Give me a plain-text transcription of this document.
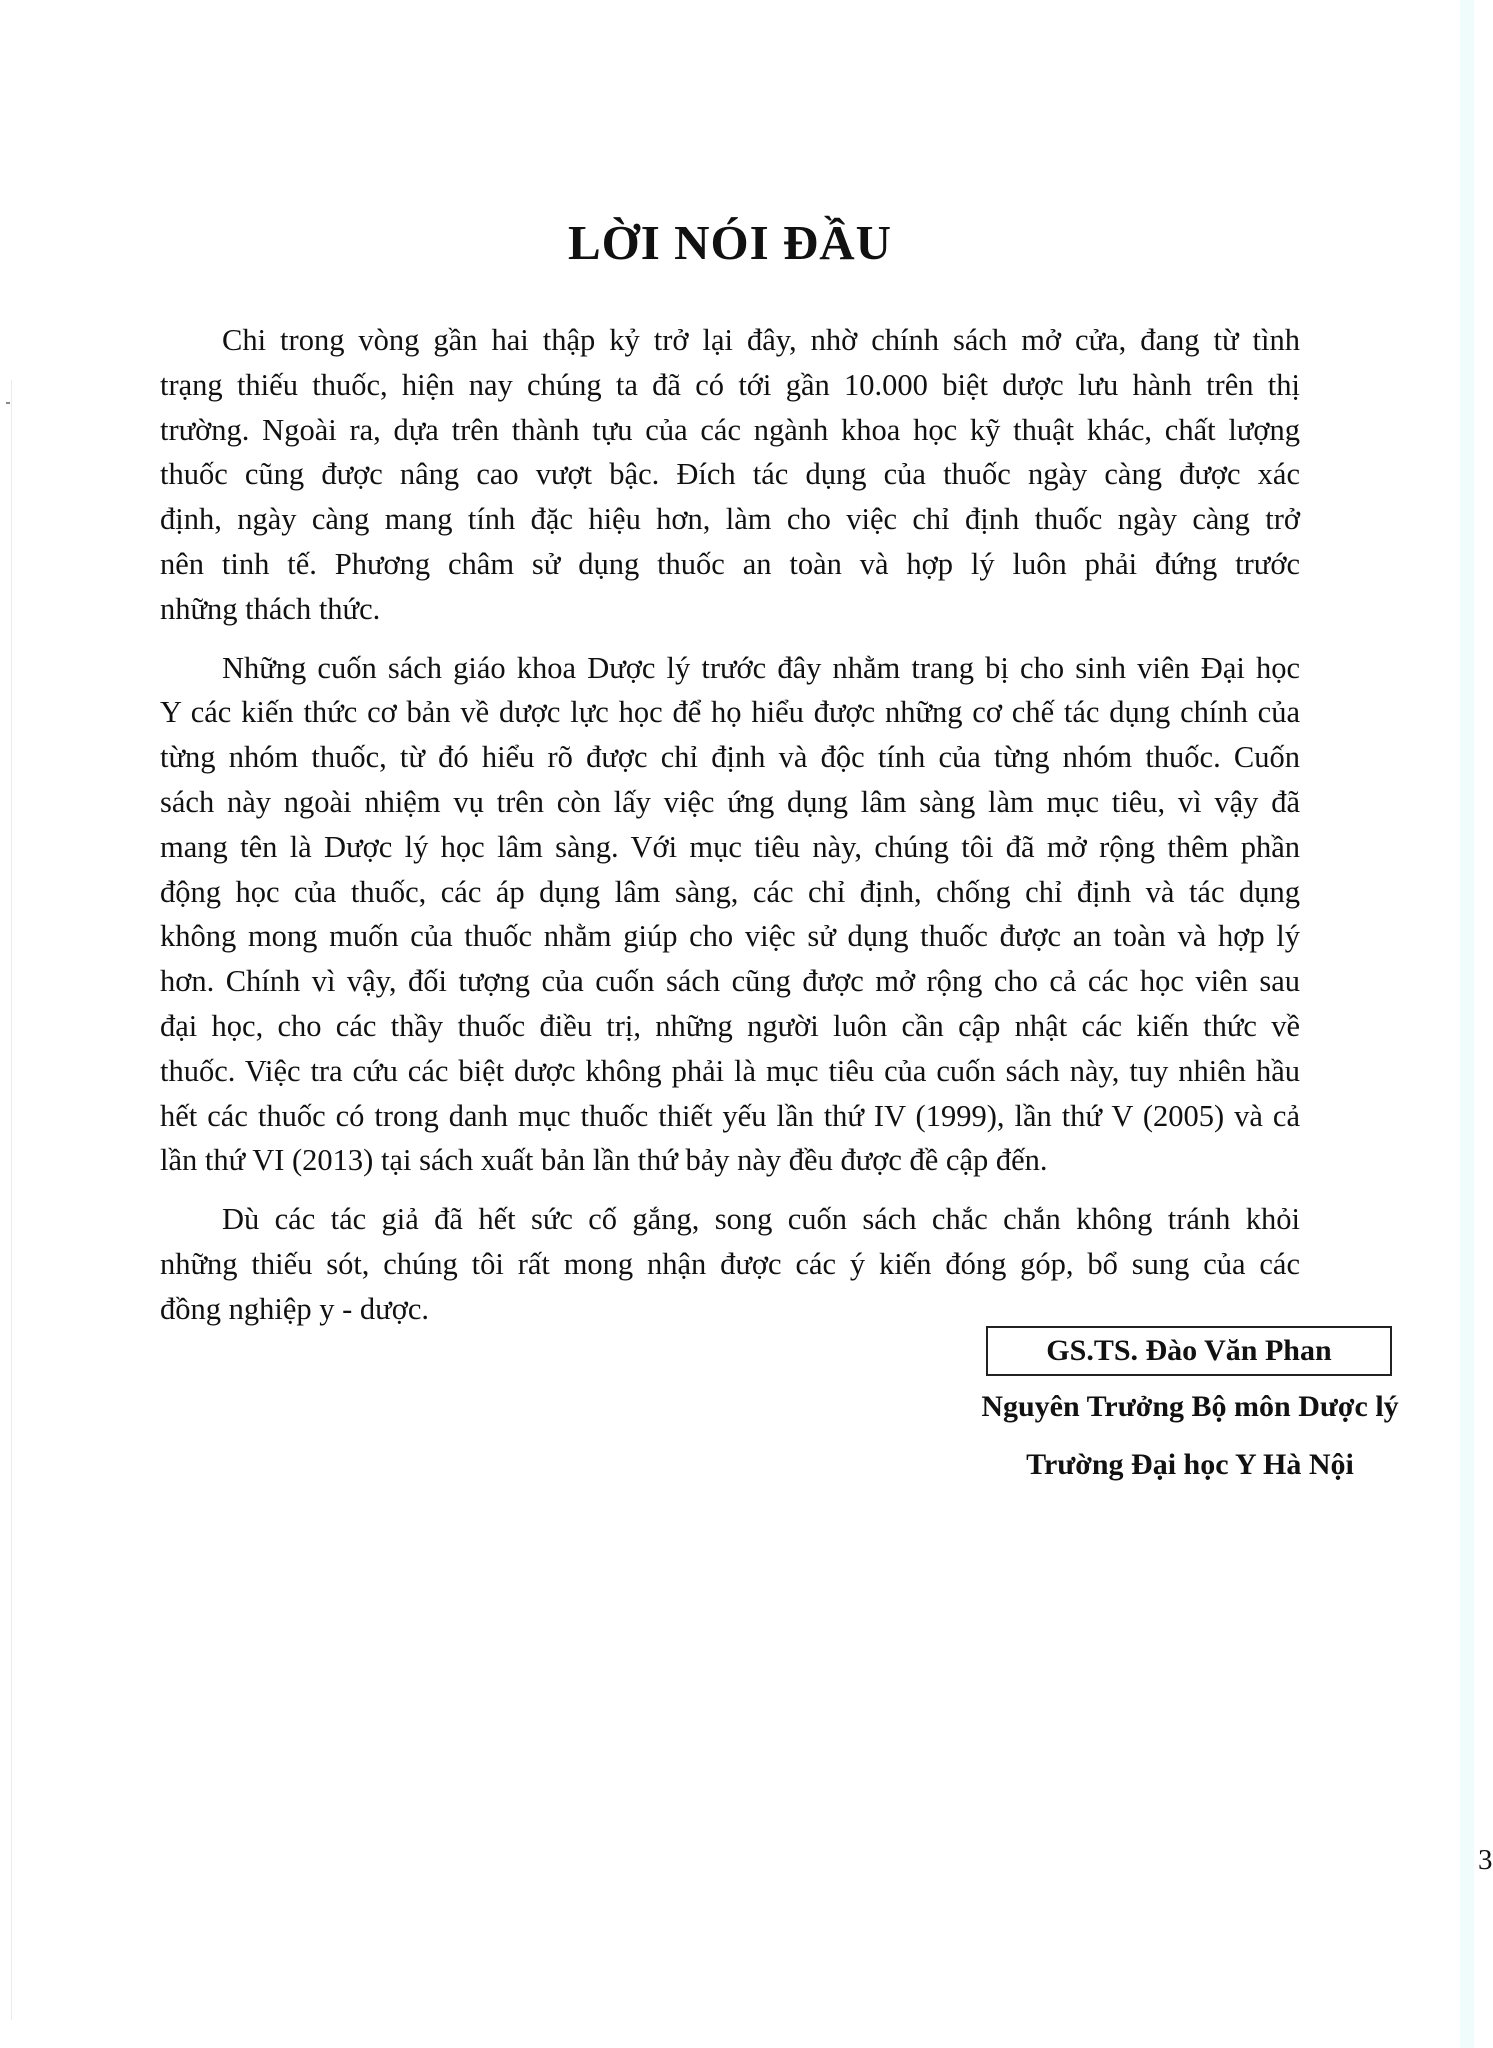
LỜI NÓI ĐẦU

Chi trong vòng gần hai thập kỷ trở lại đây, nhờ chính sách mở cửa, đang từ tình
trạng thiếu thuốc, hiện nay chúng ta đã có tới gần 10.000 biệt dược lưu hành trên thị
trường. Ngoài ra, dựa trên thành tựu của các ngành khoa học kỹ thuật khác, chất lượng
thuốc cũng được nâng cao vượt bậc. Đích tác dụng của thuốc ngày càng được xác
định, ngày càng mang tính đặc hiệu hơn, làm cho việc chỉ định thuốc ngày càng trở
nên tinh tế. Phương châm sử dụng thuốc an toàn và hợp lý luôn phải đứng trước
những thách thức.

Những cuốn sách giáo khoa Dược lý trước đây nhằm trang bị cho sinh viên Đại học
Y các kiến thức cơ bản về dược lực học để họ hiểu được những cơ chế tác dụng chính của
từng nhóm thuốc, từ đó hiểu rõ được chỉ định và độc tính của từng nhóm thuốc. Cuốn
sách này ngoài nhiệm vụ trên còn lấy việc ứng dụng lâm sàng làm mục tiêu, vì vậy đã
mang tên là Dược lý học lâm sàng. Với mục tiêu này, chúng tôi đã mở rộng thêm phần
động học của thuốc, các áp dụng lâm sàng, các chỉ định, chống chỉ định và tác dụng
không mong muốn của thuốc nhằm giúp cho việc sử dụng thuốc được an toàn và hợp lý
hơn. Chính vì vậy, đối tượng của cuốn sách cũng được mở rộng cho cả các học viên sau
đại học, cho các thầy thuốc điều trị, những người luôn cần cập nhật các kiến thức về
thuốc. Việc tra cứu các biệt dược không phải là mục tiêu của cuốn sách này, tuy nhiên hầu
hết các thuốc có trong danh mục thuốc thiết yếu lần thứ IV (1999), lần thứ V (2005) và cả
lần thứ VI (2013) tại sách xuất bản lần thứ bảy này đều được đề cập đến.

Dù các tác giả đã hết sức cố gắng, song cuốn sách chắc chắn không tránh khỏi
những thiếu sót, chúng tôi rất mong nhận được các ý kiến đóng góp, bổ sung của các
đồng nghiệp y - dược.

GS.TS. Đào Văn Phan
Nguyên Trưởng Bộ môn Dược lý
Trường Đại học Y Hà Nội
3
